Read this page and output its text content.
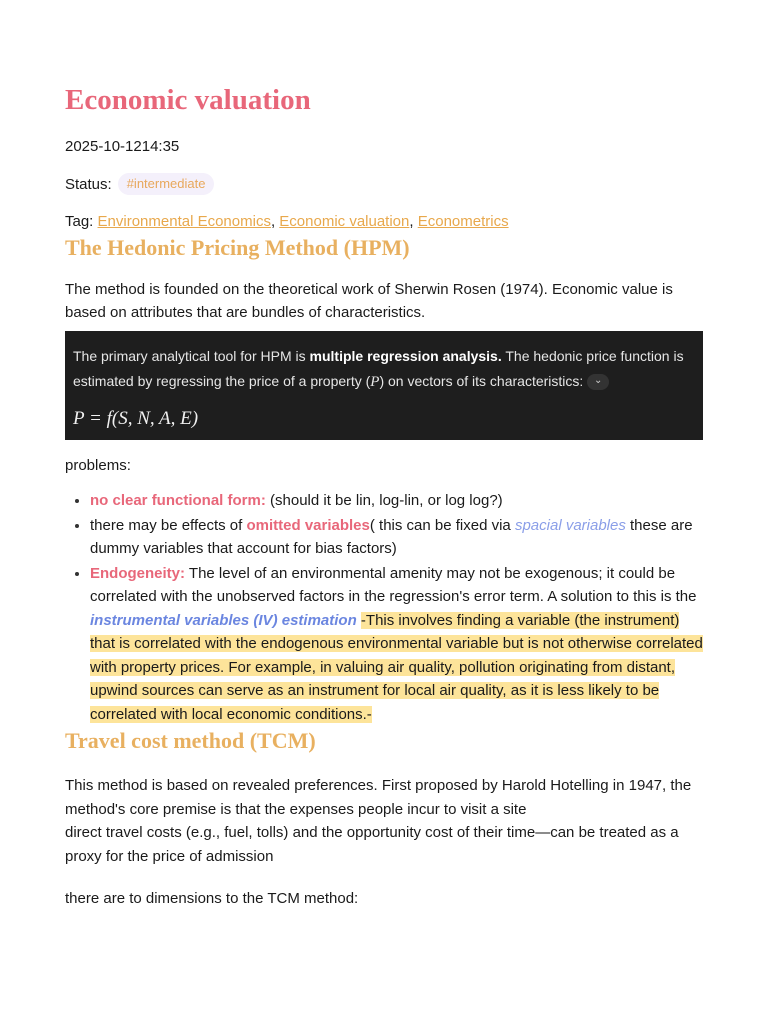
Economic valuation
2025-10-1214:35
Status:	#intermediate
Tag: Environmental Economics, Economic valuation, Econometrics
The Hedonic Pricing Method (HPM)

The method is founded on the theoretical work of Sherwin Rosen (1974). Economic value is based on attributes that are bundles of characteristics.

The primary analytical tool for HPM is multiple regression analysis. The hedonic price function is estimated by regressing the price of a property (P) on vectors of its characteristics: ⌄
P = f(S, N, A, E)

problems:

• no clear functional form: (should it be lin, log-lin, or log log?)
• there may be effects of omitted variables( this can be fixed via spacial variables these are dummy variables that account for bias factors)
• Endogeneity: The level of an environmental amenity may not be exogenous; it could be correlated with the unobserved factors in the regression's error term. A solution to this is the instrumental variables (IV) estimation -This involves finding a variable (the instrument) that is correlated with the endogenous environmental variable but is not otherwise correlated with property prices. For example, in valuing air quality, pollution originating from distant, upwind sources can serve as an instrument for local air quality, as it is less likely to be correlated with local economic conditions.-
Travel cost method (TCM)

This method is based on revealed preferences. First proposed by Harold Hotelling in 1947, the method's core premise is that the expenses people incur to visit a site
direct travel costs (e.g., fuel, tolls) and the opportunity cost of their time—can be treated as a proxy for the price of admission

there are to dimensions to the TCM method:
